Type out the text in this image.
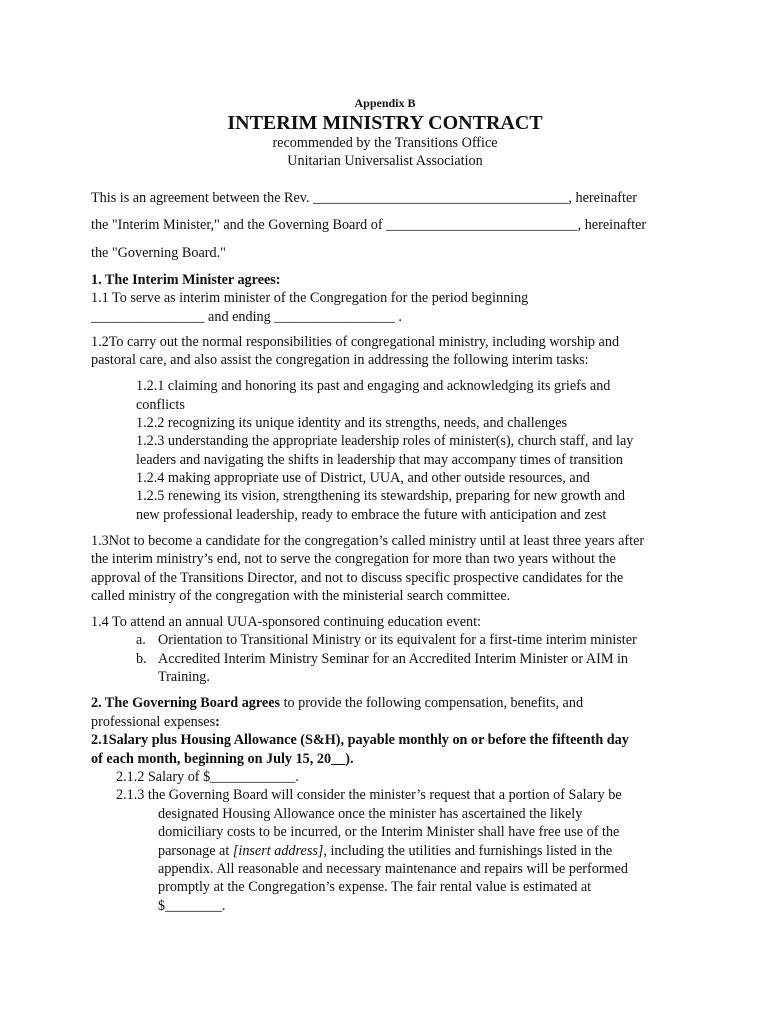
Appendix B
INTERIM MINISTRY CONTRACT
recommended by the Transitions Office
Unitarian Universalist Association
This is an agreement between the Rev. ____________________________________, hereinafter
the "Interim Minister," and the Governing Board of ___________________________, hereinafter
the "Governing Board."
1. The Interim Minister agrees:
1.1 To serve as interim minister of the Congregation for the period beginning
________________ and ending _________________ .
1.2To carry out the normal responsibilities of congregational ministry, including worship and
pastoral care, and also assist the congregation in addressing the following interim tasks:
1.2.1 claiming and honoring its past and engaging and acknowledging its griefs and
conflicts
1.2.2 recognizing its unique identity and its strengths, needs, and challenges
1.2.3 understanding the appropriate leadership roles of minister(s), church staff, and lay
leaders and navigating the shifts in leadership that may accompany times of transition
1.2.4 making appropriate use of District, UUA, and other outside resources, and
1.2.5 renewing its vision, strengthening its stewardship, preparing for new growth and
new professional leadership, ready to embrace the future with anticipation and zest
1.3Not to become a candidate for the congregation’s called ministry until at least three years after
the interim ministry’s end, not to serve the congregation for more than two years without the
approval of the Transitions Director, and not to discuss specific prospective candidates for the
called ministry of the congregation with the ministerial search committee.
1.4 To attend an annual UUA-sponsored continuing education event:
a. Orientation to Transitional Ministry or its equivalent for a first-time interim minister
b. Accredited Interim Ministry Seminar for an Accredited Interim Minister or AIM in
Training.
2. The Governing Board agrees to provide the following compensation, benefits, and
professional expenses:
2.1Salary plus Housing Allowance (S&H), payable monthly on or before the fifteenth day
of each month, beginning on July 15, 20__).
2.1.2 Salary of $____________.
2.1.3 the Governing Board will consider the minister’s request that a portion of Salary be
designated Housing Allowance once the minister has ascertained the likely
domiciliary costs to be incurred, or the Interim Minister shall have free use of the
parsonage at [insert address], including the utilities and furnishings listed in the
appendix. All reasonable and necessary maintenance and repairs will be performed
promptly at the Congregation’s expense. The fair rental value is estimated at
$________.
